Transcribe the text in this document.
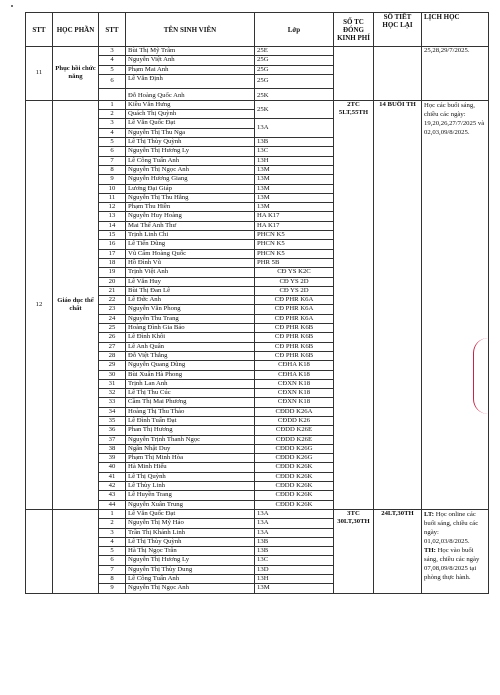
STT	HỌC PHẦN	STT	TÊN SINH VIÊN	Lớp	SỐ TC ĐÓNG KINH PHÍ	SỐ TIẾT HỌC LẠI	LỊCH HỌC
11	Phục hồi chức năng	3	Bùi Thị Mỹ Trâm	25E			25,28,29/7/2025.
		4	Nguyễn Việt Anh	25G			
		5	Phạm Mai Anh	25G			
		6	Lê Văn Định	25G			
			Đỗ Hoàng Quốc Anh	25K			
12	Giáo dục thể chất	1	Kiều Văn Hưng	25K	2TC 5LT,55TH	14 BUỔI TH	Học các buổi sáng, chiều các ngày: 19,20,26,27/7/2025 và 02,03,09/8/2025.
		2	Quách Thị Quỳnh				
		3	Lê Văn Quốc Đạt	13A			
		4	Nguyễn Thị Thu Nga				
		5	Lê Thị Thùy Quỳnh	13B			
		6	Nguyễn Thị Hương Ly	13C			
		7	Lê Công Tuấn Anh	13H			
		8	Nguyễn Thị Ngọc Anh	13M			
		9	Nguyễn Hương Giang	13M			
		10	Lương Đại Giáp	13M			
		11	Nguyễn Thị Thu Hằng	13M			
		12	Phạm Thu Hiền	13M			
		13	Nguyễn Huy Hoàng	HA K17			
		14	Mai Thế Anh Thư	HA K17			
		15	Trịnh Linh Chi	PHCN K5			
		16	Lê Tiến Dũng	PHCN K5			
		17	Vũ Cẩm Hoàng Quốc	PHCN K5			
		18	Hồ Đình Vũ	PHR 5B			
		19	Trịnh Việt Anh	CĐ YS K2C			
		20	Lê Văn Huy	CĐ YS 2D			
		21	Bùi Thị Đan Lê	CĐ YS 2D			
		22	Lê Đức Anh	CĐ PHR K6A			
		23	Nguyễn Văn Phong	CĐ PHR K6A			
		24	Nguyễn Thu Trang	CĐ PHR K6A			
		25	Hoàng Đình Gia Bảo	CĐ PHR K6B			
		26	Lê Đình Khôi	CĐ PHR K6B			
		27	Lê Anh Quân	CĐ PHR K6B			
		28	Đỗ Việt Thắng	CĐ PHR K6B			
		29	Nguyễn Quang Dũng	CĐHA K18			
		30	Bùi Xuân Hà Phong	CĐHA K18			
		31	Trịnh Lan Anh	CĐXN K18			
		32	Lê Thị Thu Cúc	CĐXN K18			
		33	Cầm Thị Mai Phương	CĐXN K18			
		34	Hoàng Thị Thu Thảo	CĐDD K26A			
		35	Lê Đình Tuấn Đạt	CĐDD K26			
		36	Phan Thị Hương	CĐDD K26E			
		37	Nguyễn Trịnh Thanh Ngọc	CĐDD K26E			
		38	Ngân Nhật Duy	CĐDD K26G			
		39	Phạm Thị Minh Hòa	CĐDD K26G			
		40	Hà Minh Hiếu	CĐDD K26K			
		41	Lê Thị Quỳnh	CĐDD K26K			
		42	Lê Thùy Linh	CĐDD K26K			
		43	Lê Huyền Trang	CĐDD K26K			
		44	Nguyễn Xuân Trung	CĐDD K26K			
		1	Lê Văn Quốc Đạt	13A	3TC 30LT,30TH	24LT,30TH	LT: Học online các buổi sáng, chiều các ngày: 01,02,03/8/2025.
TH: Học vào buổi sáng, chiều các ngày 07,08,09/8/2025 tại phòng thực hành.
		2	Nguyễn Thị Mỹ Hảo	13A			
		3	Trần Thị Khánh Linh	13A			
		4	Lê Thị Thùy Quỳnh	13B			
		5	Hà Thị Ngọc Trân	13B			
		6	Nguyễn Thị Hương Ly	13C			
		7	Nguyễn Thị Thùy Dung	13D			
		8	Lê Công Tuấn Anh	13H			
		9	Nguyễn Thị Ngọc Anh	13M			
